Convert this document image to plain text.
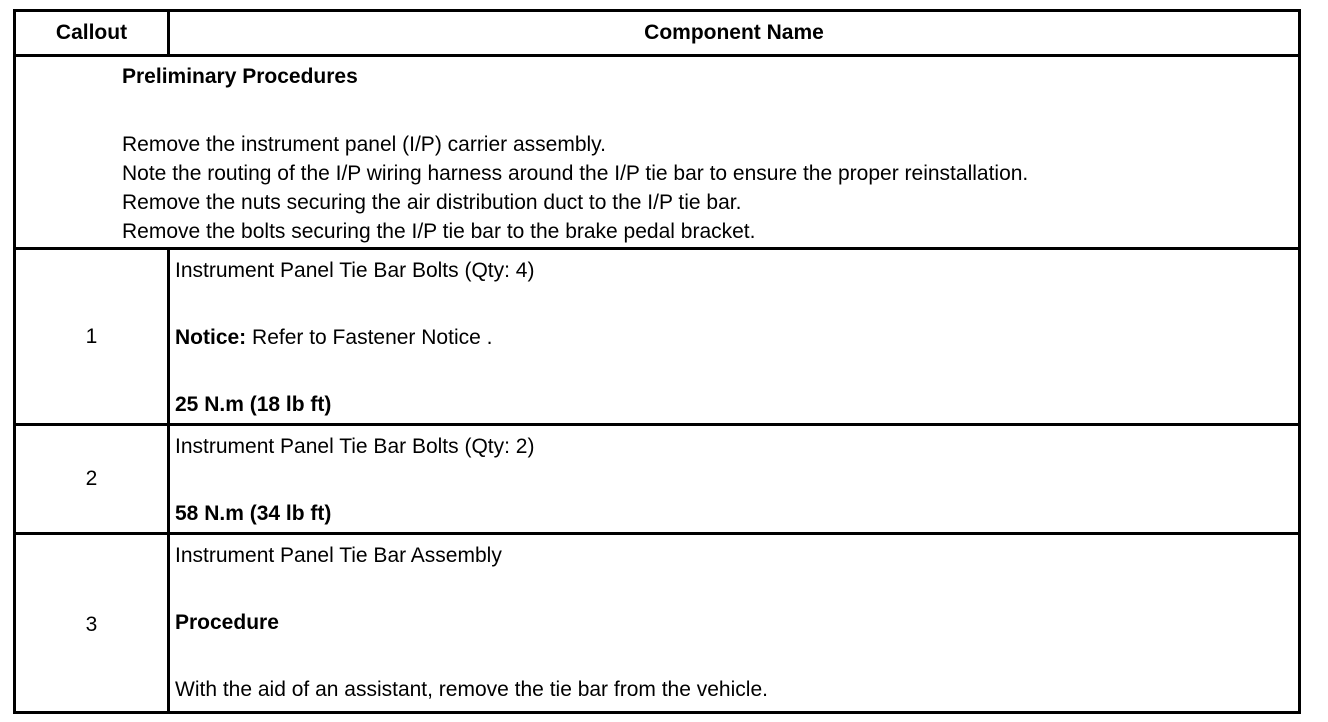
Callout	Component Name
Preliminary Procedures
Remove the instrument panel (I/P) carrier assembly.
Note the routing of the I/P wiring harness around the I/P tie bar to ensure the proper reinstallation.
Remove the nuts securing the air distribution duct to the I/P tie bar.
Remove the bolts securing the I/P tie bar to the brake pedal bracket.
1
Instrument Panel Tie Bar Bolts (Qty: 4)
Notice: Refer to Fastener Notice .
25 N.m (18 lb ft)
2
Instrument Panel Tie Bar Bolts (Qty: 2)
58 N.m (34 lb ft)
3
Instrument Panel Tie Bar Assembly
Procedure
With the aid of an assistant, remove the tie bar from the vehicle.
